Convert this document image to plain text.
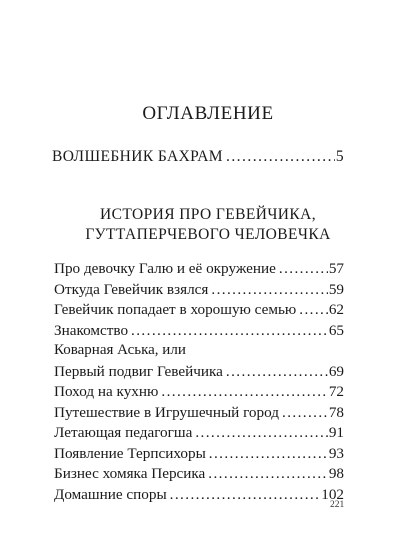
ОГЛАВЛЕНИЕ
ВОЛШЕБНИК БАХРАМ . . .	5
ИСТОРИЯ ПРО ГЕВЕЙЧИКА,
ГУТТАПЕРЧЕВОГО ЧЕЛОВЕЧКА
Про девочку Галю и её окружение . . .	57
Откуда Гевейчик взялся . . .	59
Гевейчик попадает в хорошую семью . . . 62
Знакомство . . .	65
Коварная Аська, или
Первый подвиг Гевейчика . . .	69
Поход на кухню . . .	72
Путешествие в Игрушечный город . . .	78
Летающая педагогша . . .	91
Появление Терпсихоры . . .	93
Бизнес хомяка Персика . . .	98
Домашние споры . . .	102
221
